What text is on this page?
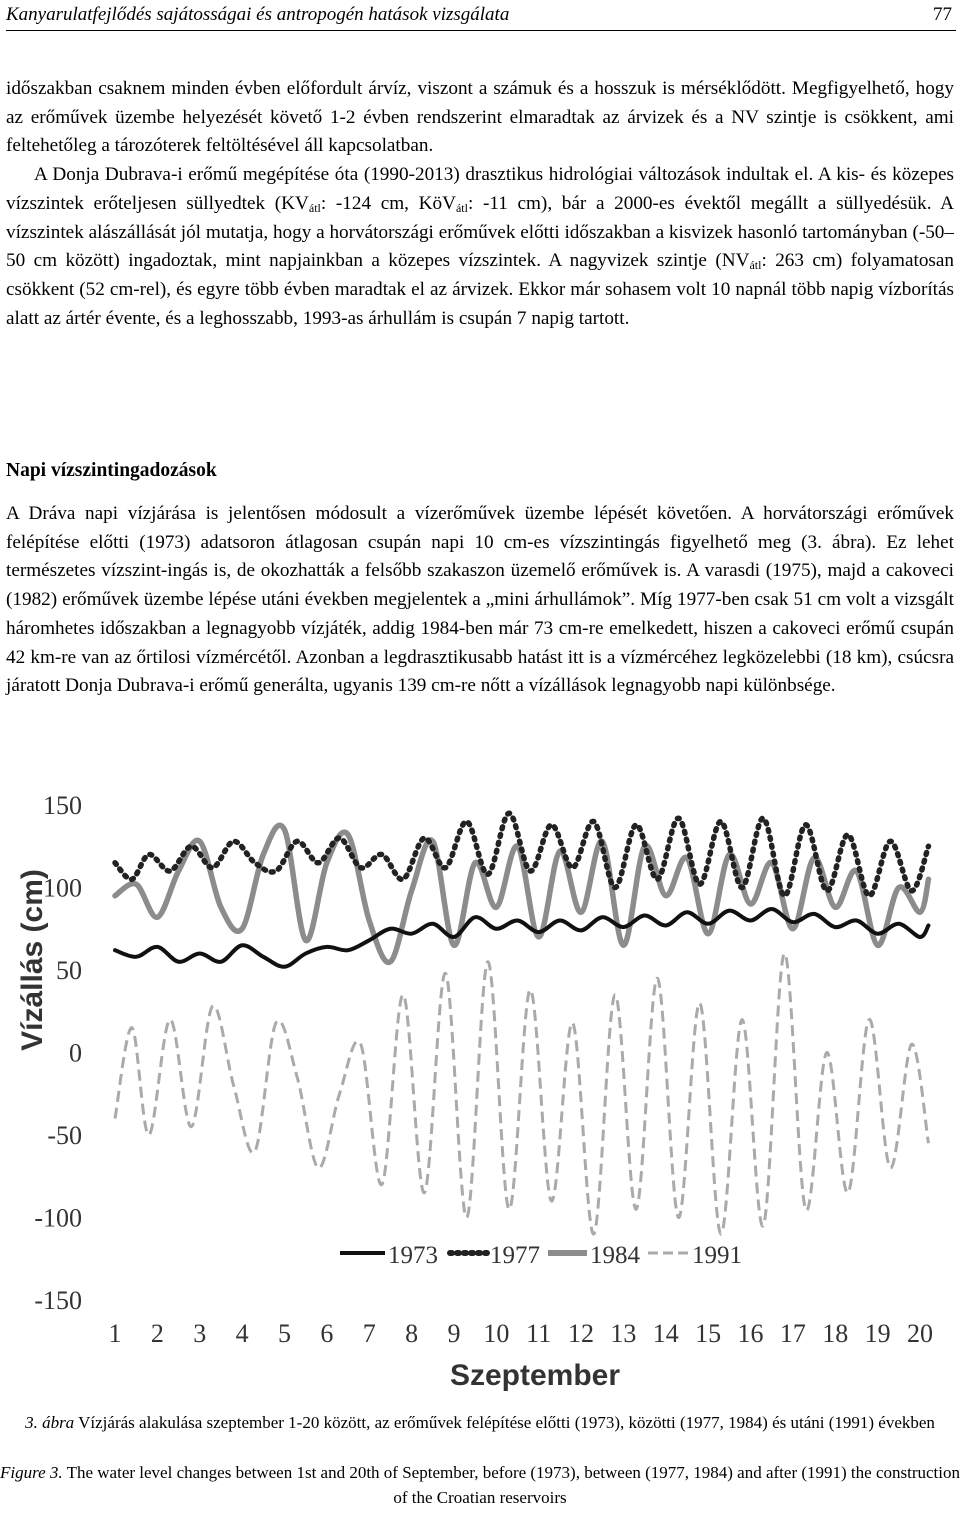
Kanyarulatfejlődés sajátosságai és antropogén hatások vizsgálata	77

időszakban csaknem minden évben előfordult árvíz, viszont a számuk és a hosszuk is mérséklődött. Megfigyelhető, hogy az erőművek üzembe helyezését követő 1-2 évben rendszerint elmaradtak az árvizek és a NV szintje is csökkent, ami feltehetőleg a tározóterek feltöltésével áll kapcsolatban.

A Donja Dubrava-i erőmű megépítése óta (1990-2013) drasztikus hidrológiai változások indultak el. A kis- és közepes vízszintek erőteljesen süllyedtek ($KV_{átl}$: -124 cm, KöV$_{átl}$: -11 cm), bár a 2000-es évektől megállt a süllyedésük. A vízszintek alászállását jól mutatja, hogy a horvátországi erőművek előtti időszakban a kisvizek hasonló tartományban (-50–50 cm között) ingadoztak, mint napjainkban a közepes vízszintek. A nagyvizek szintje ($NV_{átl}$: 263 cm) folyamatosan csökkent (52 cm-rel), és egyre több évben maradtak el az árvizek. Ekkor már sohasem volt 10 napnál több napig vízborítás alatt az ártér évente, és a leghosszabb, 1993-as árhullám is csupán 7 napig tartott.

Napi vízszintingadozások

A Dráva napi vízjárása is jelentősen módosult a vízerőművek üzembe lépését követően. A horvátországi erőművek felépítése előtti (1973) adatsoron átlagosan csupán napi 10 cm-es vízszintingás figyelhető meg (3. ábra). Ez lehet természetes vízszint-ingás is, de okozhatták a felsőbb szakaszon üzemelő erőművek is. A varasdi (1975), majd a cakoveci (1982) erőművek üzembe lépése utáni években megjelentek a „mini árhullámok”. Míg 1977-ben csak 51 cm volt a vizsgált háromhetes időszakban a legnagyobb vízjáték, addig 1984-ben már 73 cm-re emelkedett, hiszen a cakoveci erőmű csupán 42 km-re van az őrtilosi vízmércétől. Azonban a legdrasztikusabb hatást itt is a vízmércéhez legközelebbi (18 km), csúcsra járatott Donja Dubrava-i erőmű generálta, ugyanis 139 cm-re nőtt a vízállások legnagyobb napi különbsége.

150
100
50
0
-50
-100
-150
1 2 3 4 5 6 7 8 9 10 11 12 13 14 15 16 17 18 19 20
Vízállás (cm)
Szeptember
1973 1977 1984 1991
3. ábra Vízjárás alakulása szeptember 1-20 között, az erőművek felépítése előtti (1973), közötti (1977, 1984) és utáni (1991) években
Figure 3. The water level changes between 1st and 20th of September, before (1973), between (1977, 1984) and after (1991) the construction of the Croatian reservoirs
